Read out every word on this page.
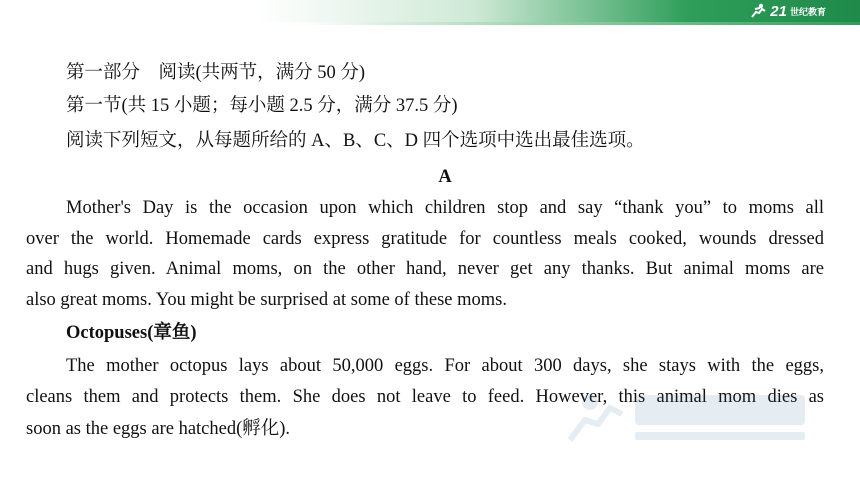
21 世纪教育
第一部分　阅读(共两节，满分 50 分)
第一节(共 15 小题；每小题 2.5 分，满分 37.5 分)
阅读下列短文，从每题所给的 A、B、C、D 四个选项中选出最佳选项。
A
Mother's Day is the occasion upon which children stop and say “thank you” to moms all
over the world. Homemade cards express gratitude for countless meals cooked, wounds dressed
and hugs given. Animal moms, on the other hand, never get any thanks. But animal moms are
also great moms. You might be surprised at some of these moms.
Octopuses(章鱼)
The mother octopus lays about 50,000 eggs. For about 300 days, she stays with the eggs,
cleans them and protects them. She does not leave to feed. However, this animal mom dies as
soon as the eggs are hatched(孵化).
